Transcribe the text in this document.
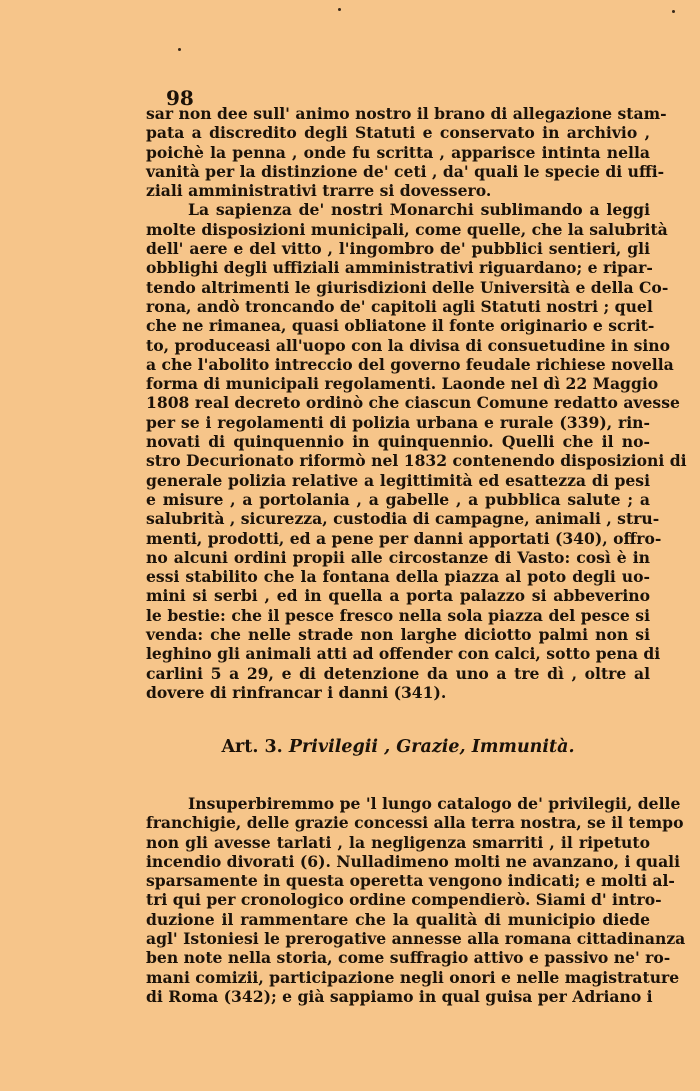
98
sar non dee sull' animo nostro il brano di allegazione stam-
pata a discredito degli Statuti e conservato in archivio ,
poichè la penna , onde fu scritta , apparisce intinta nella
vanità per la distinzione de' ceti , da' quali le specie di uffi-
ziali amministrativi trarre si dovessero.
La sapienza de' nostri Monarchi sublimando a leggi
molte disposizioni municipali, come quelle, che la salubrità
dell' aere e del vitto , l'ingombro de' pubblici sentieri, gli
obblighi degli uffiziali amministrativi riguardano; e ripar-
tendo altrimenti le giurisdizioni delle Università e della Co-
rona, andò troncando de' capitoli agli Statuti nostri ; quel
che ne rimanea, quasi obliatone il fonte originario e scrit-
to, produceasi all'uopo con la divisa di consuetudine in sino
a che l'abolito intreccio del governo feudale richiese novella
forma di municipali regolamenti. Laonde nel dì 22 Maggio
1808 real decreto ordinò che ciascun Comune redatto avesse
per se i regolamenti di polizia urbana e rurale (339), rin-
novati di quinquennio in quinquennio. Quelli che il no-
stro Decurionato riformò nel 1832 contenendo disposizioni di
generale polizia relative a legittimità ed esattezza di pesi
e misure , a portolania , a gabelle , a pubblica salute ; a
salubrità , sicurezza, custodia di campagne, animali , stru-
menti, prodotti, ed a pene per danni apportati (340), offro-
no alcuni ordini propii alle circostanze di Vasto: così è in
essi stabilito che la fontana della piazza al poto degli uo-
mini si serbi , ed in quella a porta palazzo si abbeverino
le bestie: che il pesce fresco nella sola piazza del pesce si
venda: che nelle strade non larghe diciotto palmi non si
leghino gli animali atti ad offender con calci, sotto pena di
carlini 5 a 29, e di detenzione da uno a tre dì , oltre al
dovere di rinfrancar i danni (341).
Art. 3. Privilegii , Grazie, Immunità.
Insuperbiremmo pe 'l lungo catalogo de' privilegii, delle
franchigie, delle grazie concessi alla terra nostra, se il tempo
non gli avesse tarlati , la negligenza smarriti , il ripetuto
incendio divorati (6). Nulladimeno molti ne avanzano, i quali
sparsamente in questa operetta vengono indicati; e molti al-
tri qui per cronologico ordine compendierò. Siami d' intro-
duzione il rammentare che la qualità di municipio diede
agl' Istoniesi le prerogative annesse alla romana cittadinanza
ben note nella storia, come suffragio attivo e passivo ne' ro-
mani comizii, participazione negli onori e nelle magistrature
di Roma (342); e già sappiamo in qual guisa per Adriano i
